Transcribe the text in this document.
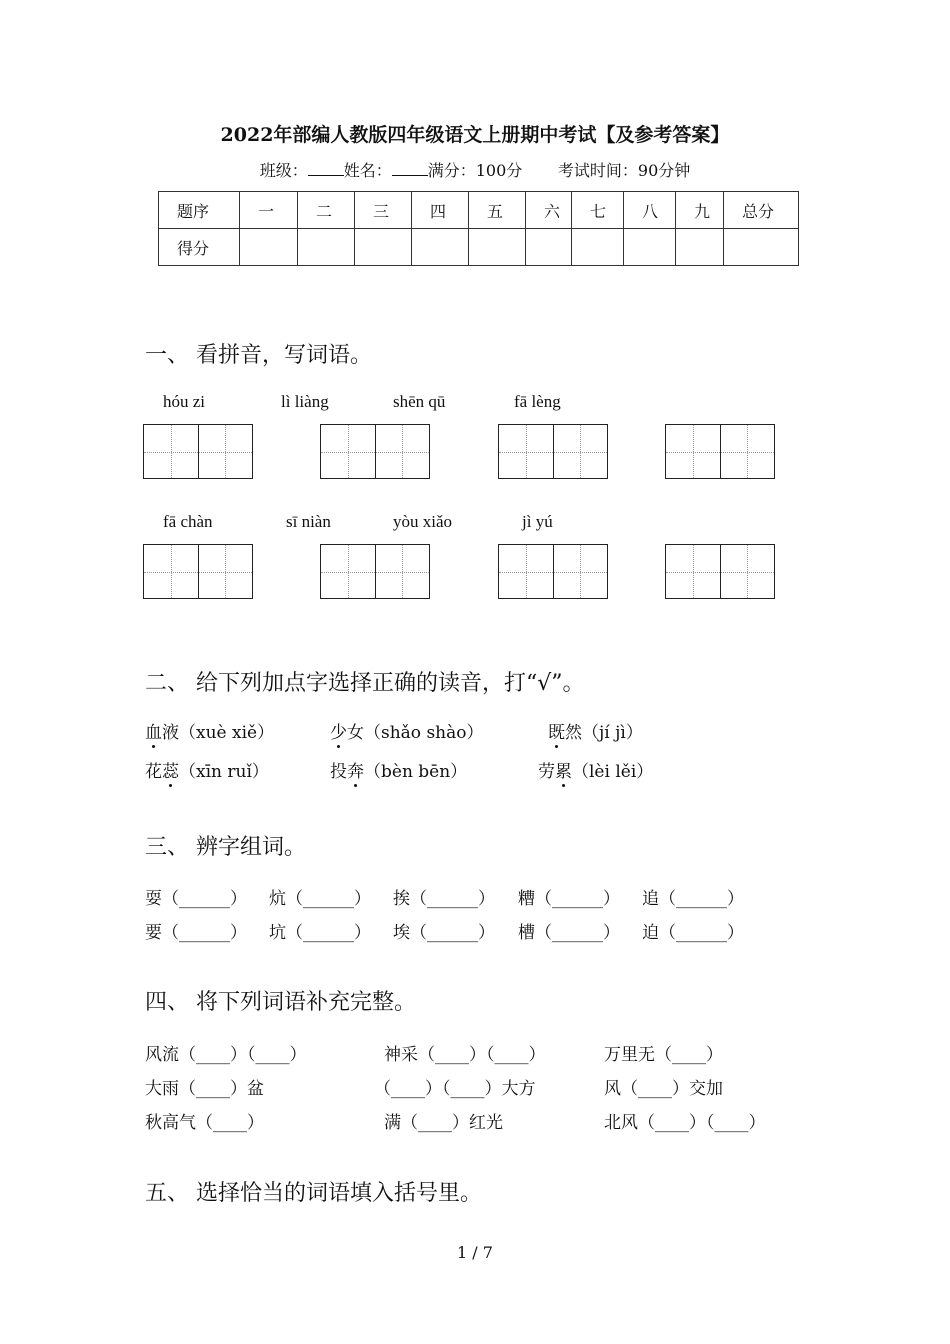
2022年部编人教版四年级语文上册期中考试【及参考答案】
班级： 姓名： 满分：100分 考试时间：90分钟
题序	一	二	三	四	五	六	七	八	九	总分
得分										
一、 看拼音，写词语。
hóu zi	lì liàng	shēn qū	fā lèng
fā chàn	sī niàn	yòu xiǎo	jì yú
二、 给下列加点字选择正确的读音，打“√”。
血液（xuè xiě）	少女（shǎo shào）	既然（jí jì）
花蕊（xīn ruǐ）	投奔（bèn bēn）	劳累（lèi lěi）
三、 辨字组词。
耍（______） 炕（______） 挨（______） 糟（______） 追（______）
要（______） 坑（______） 埃（______） 槽（______） 迫（______）
四、 将下列词语补充完整。
风流（____）（____）	神采（____）（____）	万里无（____）
大雨（____）盆	（____）（____）大方	风（____）交加
秋高气（____）	满（____）红光	北风（____）（____）
五、 选择恰当的词语填入括号里。
1 / 7
